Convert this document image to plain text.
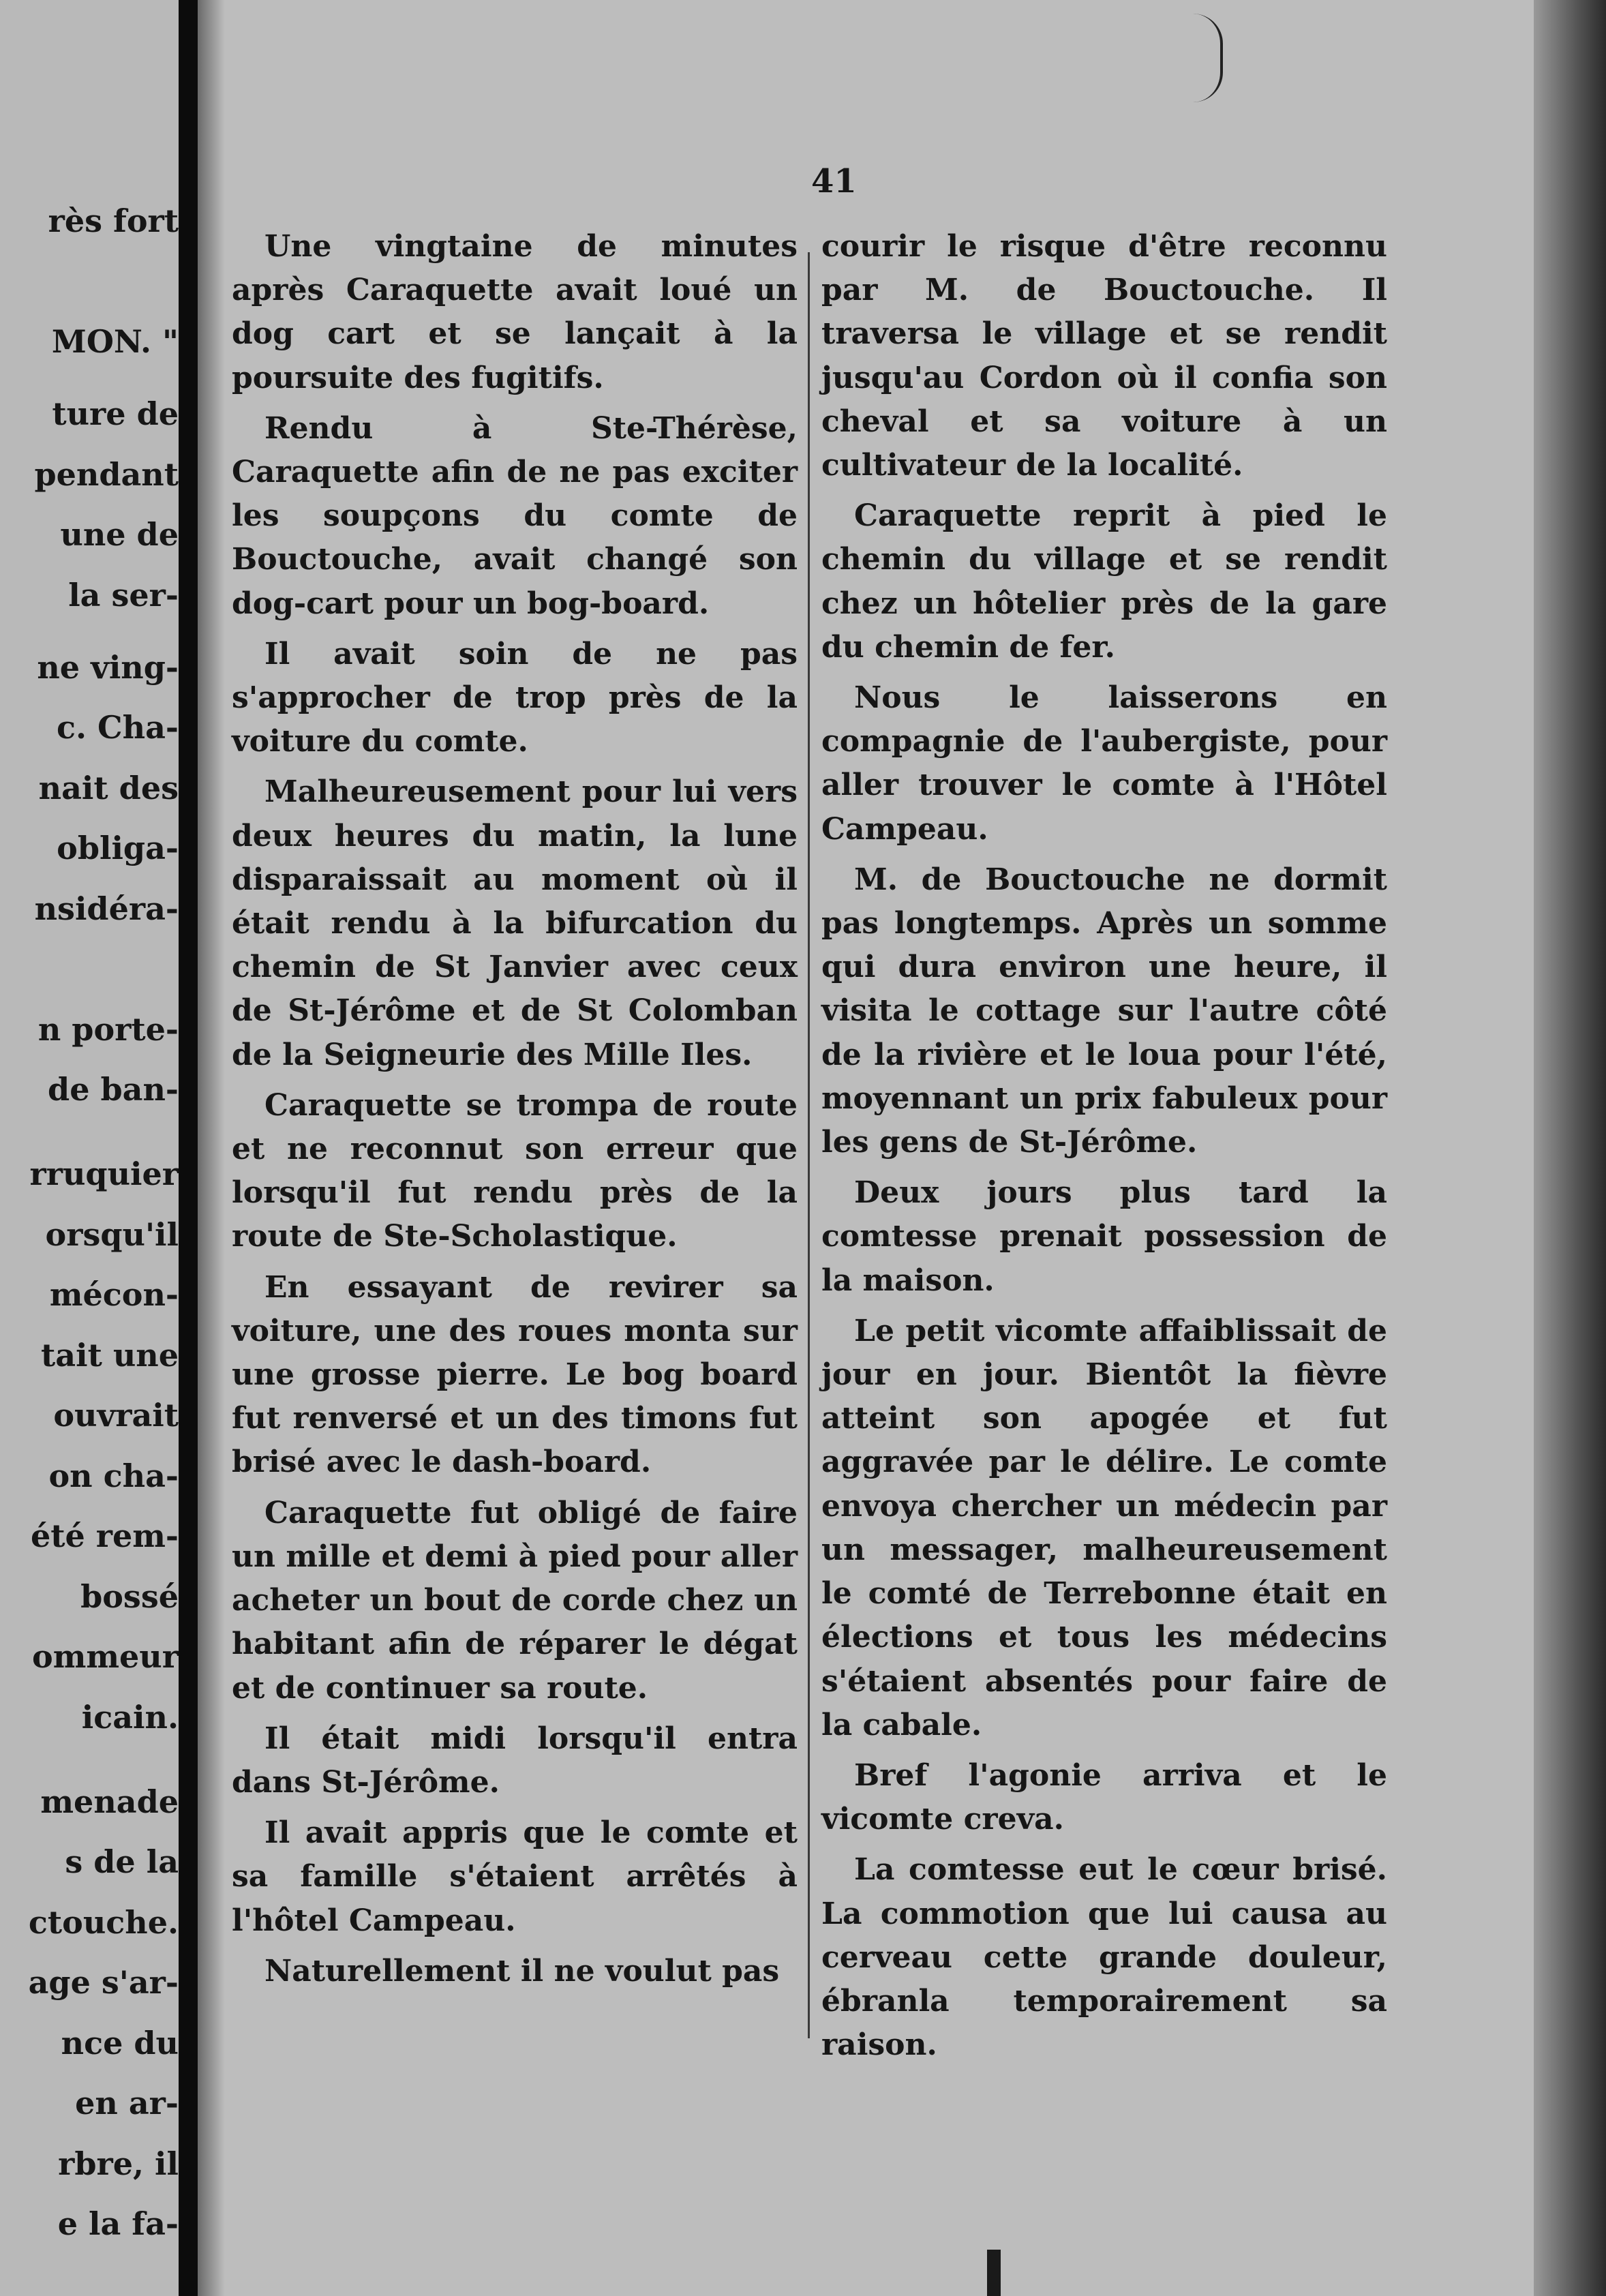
rès fort
MON. "
ture de
pendant
une de
la ser-
ne ving-
c. Cha-
nait des
obliga-
nsidéra-
n porte-
de ban-
rruquier
orsqu'il
mécon-
tait une
ouvrait
on cha-
été rem-
bossé
ommeur
icain.
menade
s de la
ctouche.
age s'ar-
nce du
en ar-
rbre, il
e la fa-
41

Une vingtaine de minutes après Caraquette avait loué un dog cart et se lançait à la poursuite des fugitifs.

Rendu à Ste-Thérèse, Caraquette afin de ne pas exciter les soupçons du comte de Bouctouche, avait changé son dog-cart pour un bog-board.

Il avait soin de ne pas s'approcher de trop près de la voiture du comte.

Malheureusement pour lui vers deux heures du matin, la lune disparaissait au moment où il était rendu à la bifurcation du chemin de St Janvier avec ceux de St-Jérôme et de St Colomban de la Seigneurie des Mille Iles.

Caraquette se trompa de route et ne reconnut son erreur que lorsqu'il fut rendu près de la route de Ste-Scholastique.

En essayant de revirer sa voiture, une des roues monta sur une grosse pierre. Le bog board fut renversé et un des timons fut brisé avec le dash-board.

Caraquette fut obligé de faire un mille et demi à pied pour aller acheter un bout de corde chez un habitant afin de réparer le dégat et de continuer sa route.

Il était midi lorsqu'il entra dans St-Jérôme.

Il avait appris que le comte et sa famille s'étaient arrêtés à l'hôtel Campeau.

Naturellement il ne voulut pas

courir le risque d'être reconnu par M. de Bouctouche. Il traversa le village et se rendit jusqu'au Cordon où il confia son cheval et sa voiture à un cultivateur de la localité.

Caraquette reprit à pied le chemin du village et se rendit chez un hôtelier près de la gare du chemin de fer.

Nous le laisserons en compagnie de l'aubergiste, pour aller trouver le comte à l'Hôtel Campeau.

M. de Bouctouche ne dormit pas longtemps. Après un somme qui dura environ une heure, il visita le cottage sur l'autre côté de la rivière et le loua pour l'été, moyennant un prix fabuleux pour les gens de St-Jérôme.

Deux jours plus tard la comtesse prenait possession de la maison.

Le petit vicomte affaiblissait de jour en jour. Bientôt la fièvre atteint son apogée et fut aggravée par le délire. Le comte envoya chercher un médecin par un messager, malheureusement le comté de Terrebonne était en élections et tous les médecins s'étaient absentés pour faire de la cabale.

Bref l'agonie arriva et le vicomte creva.

La comtesse eut le cœur brisé. La commotion que lui causa au cerveau cette grande douleur, ébranla temporairement sa raison.
